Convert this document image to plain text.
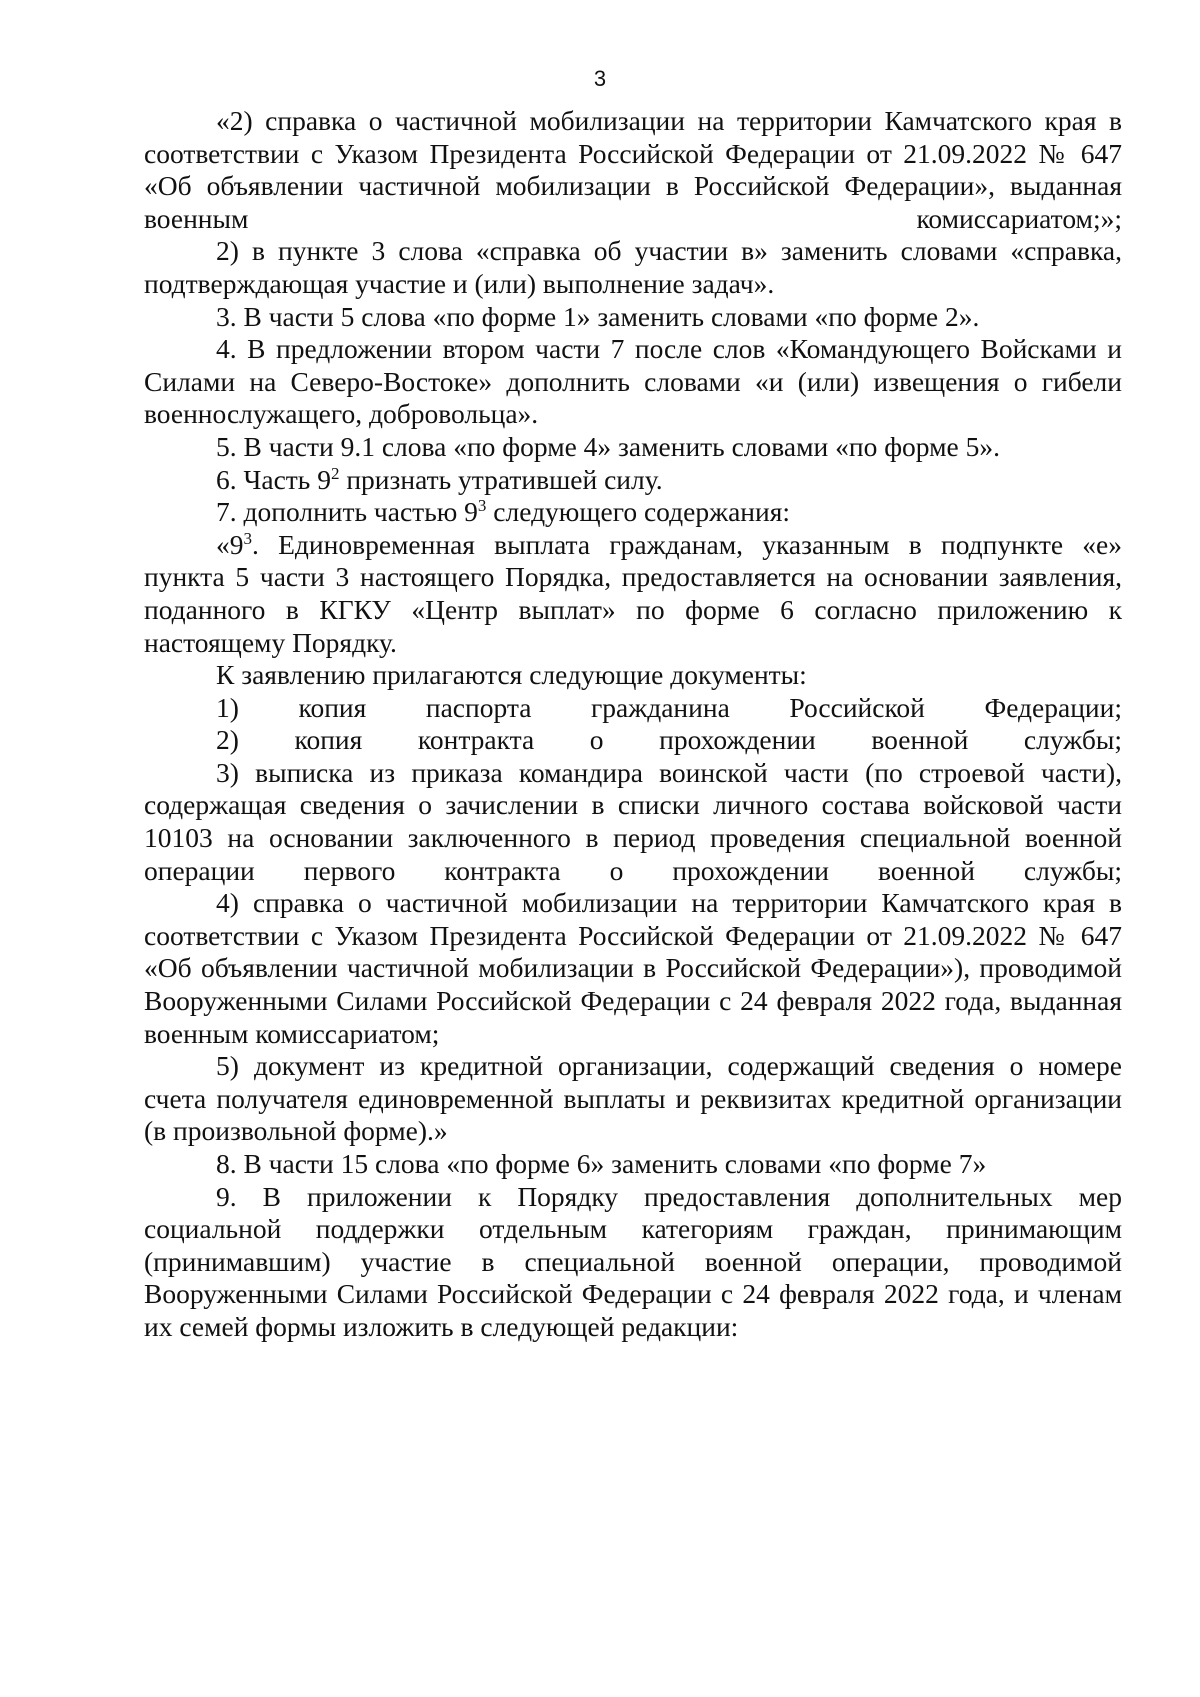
3

«2) справка о частичной мобилизации на территории Камчатского края в соответствии с Указом Президента Российской Федерации от 21.09.2022 № 647 «Об объявлении частичной мобилизации в Российской Федерации», выданная военным комиссариатом;»;

2) в пункте 3 слова «справка об участии в» заменить словами «справка, подтверждающая участие и (или) выполнение задач».

3. В части 5 слова «по форме 1» заменить словами «по форме 2».

4. В предложении втором части 7 после слов «Командующего Войсками и Силами на Северо-Востоке» дополнить словами «и (или) извещения о гибели военнослужащего, добровольца».

5. В части 9.1 слова «по форме 4» заменить словами «по форме 5».

6. Часть $9^2$ признать утратившей силу.

7. дополнить частью $9^3$ следующего содержания:

«$9^3$. Единовременная выплата гражданам, указанным в подпункте «е» пункта 5 части 3 настоящего Порядка, предоставляется на основании заявления, поданного в КГКУ «Центр выплат» по форме 6 согласно приложению к настоящему Порядку.

К заявлению прилагаются следующие документы:

1) копия паспорта гражданина Российской Федерации;

2) копия контракта о прохождении военной службы;

3) выписка из приказа командира воинской части (по строевой части), содержащая сведения о зачислении в списки личного состава войсковой части 10103 на основании заключенного в период проведения специальной военной операции первого контракта о прохождении военной службы;

4) справка о частичной мобилизации на территории Камчатского края в соответствии с Указом Президента Российской Федерации от 21.09.2022 № 647 «Об объявлении частичной мобилизации в Российской Федерации»), проводимой Вооруженными Силами Российской Федерации с 24 февраля 2022 года, выданная военным комиссариатом;

5) документ из кредитной организации, содержащий сведения о номере счета получателя единовременной выплаты и реквизитах кредитной организации (в произвольной форме).»

8. В части 15 слова «по форме 6» заменить словами «по форме 7»

9. В приложении к Порядку предоставления дополнительных мер социальной поддержки отдельным категориям граждан, принимающим (принимавшим) участие в специальной военной операции, проводимой Вооруженными Силами Российской Федерации с 24 февраля 2022 года, и членам их семей формы изложить в следующей редакции:
